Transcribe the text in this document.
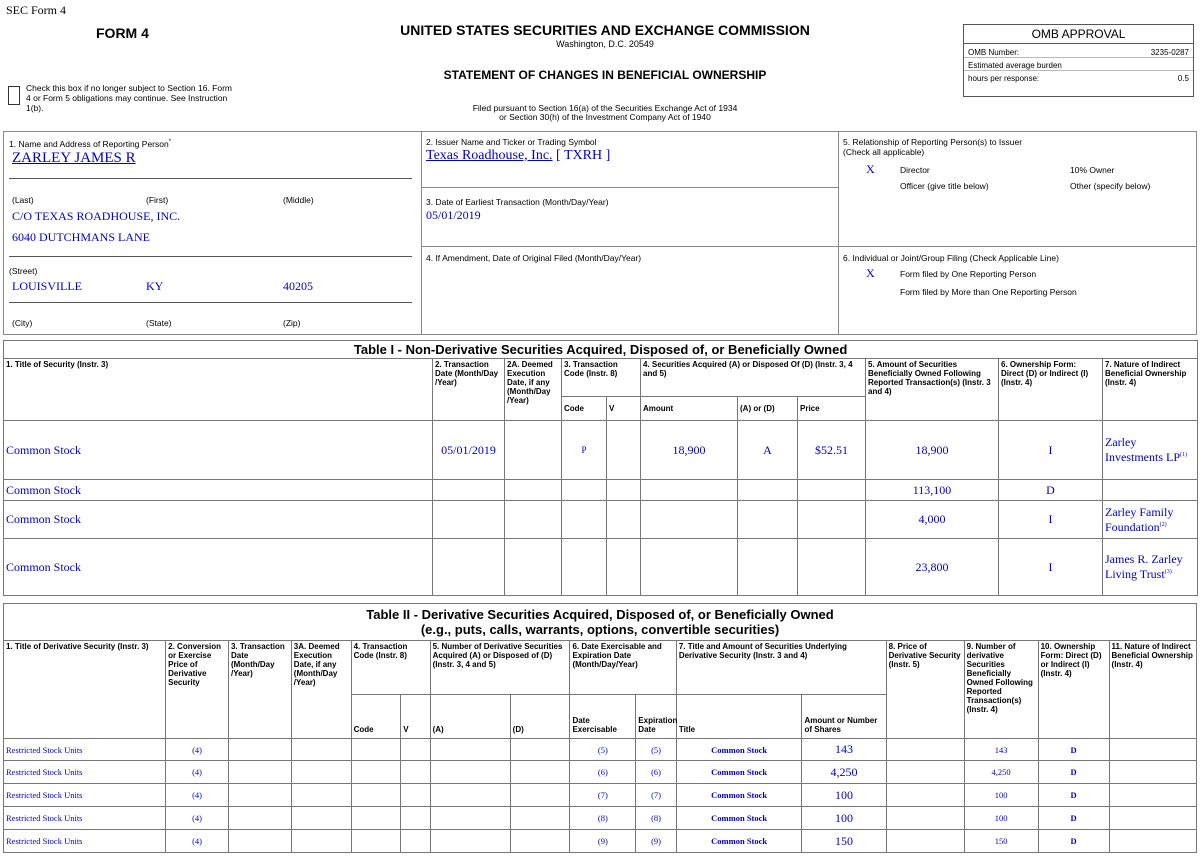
SEC Form 4
FORM 4	UNITED STATES SECURITIES AND EXCHANGE COMMISSION
Washington, D.C. 20549
STATEMENT OF CHANGES IN BENEFICIAL OWNERSHIP
Filed pursuant to Section 16(a) of the Securities Exchange Act of 1934
or Section 30(h) of the Investment Company Act of 1940
Check this box if no longer subject to Section 16. Form 4 or Form 5 obligations may continue. See Instruction 1(b).
OMB APPROVAL
OMB Number:	3235-0287
Estimated average burden
hours per response:	0.5
1. Name and Address of Reporting Person*
ZARLEY JAMES R
(Last)	(First)	(Middle)
C/O TEXAS ROADHOUSE, INC.
6040 DUTCHMANS LANE
(Street)
LOUISVILLE	KY	40205
(City)	(State)	(Zip)
2. Issuer Name and Ticker or Trading Symbol
Texas Roadhouse, Inc. [ TXRH ]
3. Date of Earliest Transaction (Month/Day/Year)
05/01/2019
4. If Amendment, Date of Original Filed (Month/Day/Year)
5. Relationship of Reporting Person(s) to Issuer
(Check all applicable)
X	Director	10% Owner
Officer (give title below)	Other (specify below)
6. Individual or Joint/Group Filing (Check Applicable Line)
X	Form filed by One Reporting Person
Form filed by More than One Reporting Person
Table I - Non-Derivative Securities Acquired, Disposed of, or Beneficially Owned										
1. Title of Security (Instr. 3)	2. Transaction Date (Month/Day /Year)	2A. Deemed Execution Date, if any (Month/Day /Year)	3. Transaction Code (Instr. 8)		4. Securities Acquired (A) or Disposed Of (D) (Instr. 3, 4 and 5)			5. Amount of Securities Beneficially Owned Following Reported Transaction(s) (Instr. 3 and 4)	6. Ownership Form: Direct (D) or Indirect (I) (Instr. 4)	7. Nature of Indirect Beneficial Ownership (Instr. 4)
			Code	V	Amount	(A) or (D)	Price			
Common Stock	05/01/2019		P		18,900	A	$52.51	18,900	I	Zarley Investments LP$^{(1)}$
Common Stock								113,100	D	
Common Stock								4,000	I	Zarley Family Foundation$^{(2)}$
Common Stock								23,800	I	James R. Zarley Living Trust$^{(3)}$
Table II - Derivative Securities Acquired, Disposed of, or Beneficially Owned
(e.g., puts, calls, warrants, options, convertible securities)															

1. Title of Derivative Security (Instr. 3)	2. Conversion or Exercise Price of Derivative Security	3. Transaction Date (Month/Day /Year)	3A. Deemed Execution Date, if any (Month/Day /Year)	4. Transaction Code (Instr. 8)		5. Number of Derivative Securities Acquired (A) or Disposed of (D) (Instr. 3, 4 and 5)		6. Date Exercisable and Expiration Date (Month/Day/Year)		7. Title and Amount of Securities Underlying Derivative Security (Instr. 3 and 4)		8. Price of Derivative Security (Instr. 5)	9. Number of derivative Securities Beneficially Owned Following Reported Transaction(s) (Instr. 4)	10. Ownership Form: Direct (D) or Indirect (I) (Instr. 4)	11. Nature of Indirect Beneficial Ownership (Instr. 4)
				Code	V	(A)	(D)	Date Exercisable	Expiration Date	Title	Amount or Number of Shares				
Restricted Stock Units	(4)							(5)	(5)	Common Stock	143		143	D	
Restricted Stock Units	(4)							(6)	(6)	Common Stock	4,250		4,250	D	
Restricted Stock Units	(4)							(7)	(7)	Common Stock	100		100	D	
Restricted Stock Units	(4)							(8)	(8)	Common Stock	100		100	D	
Restricted Stock Units	(4)							(9)	(9)	Common Stock	150		150	D	
